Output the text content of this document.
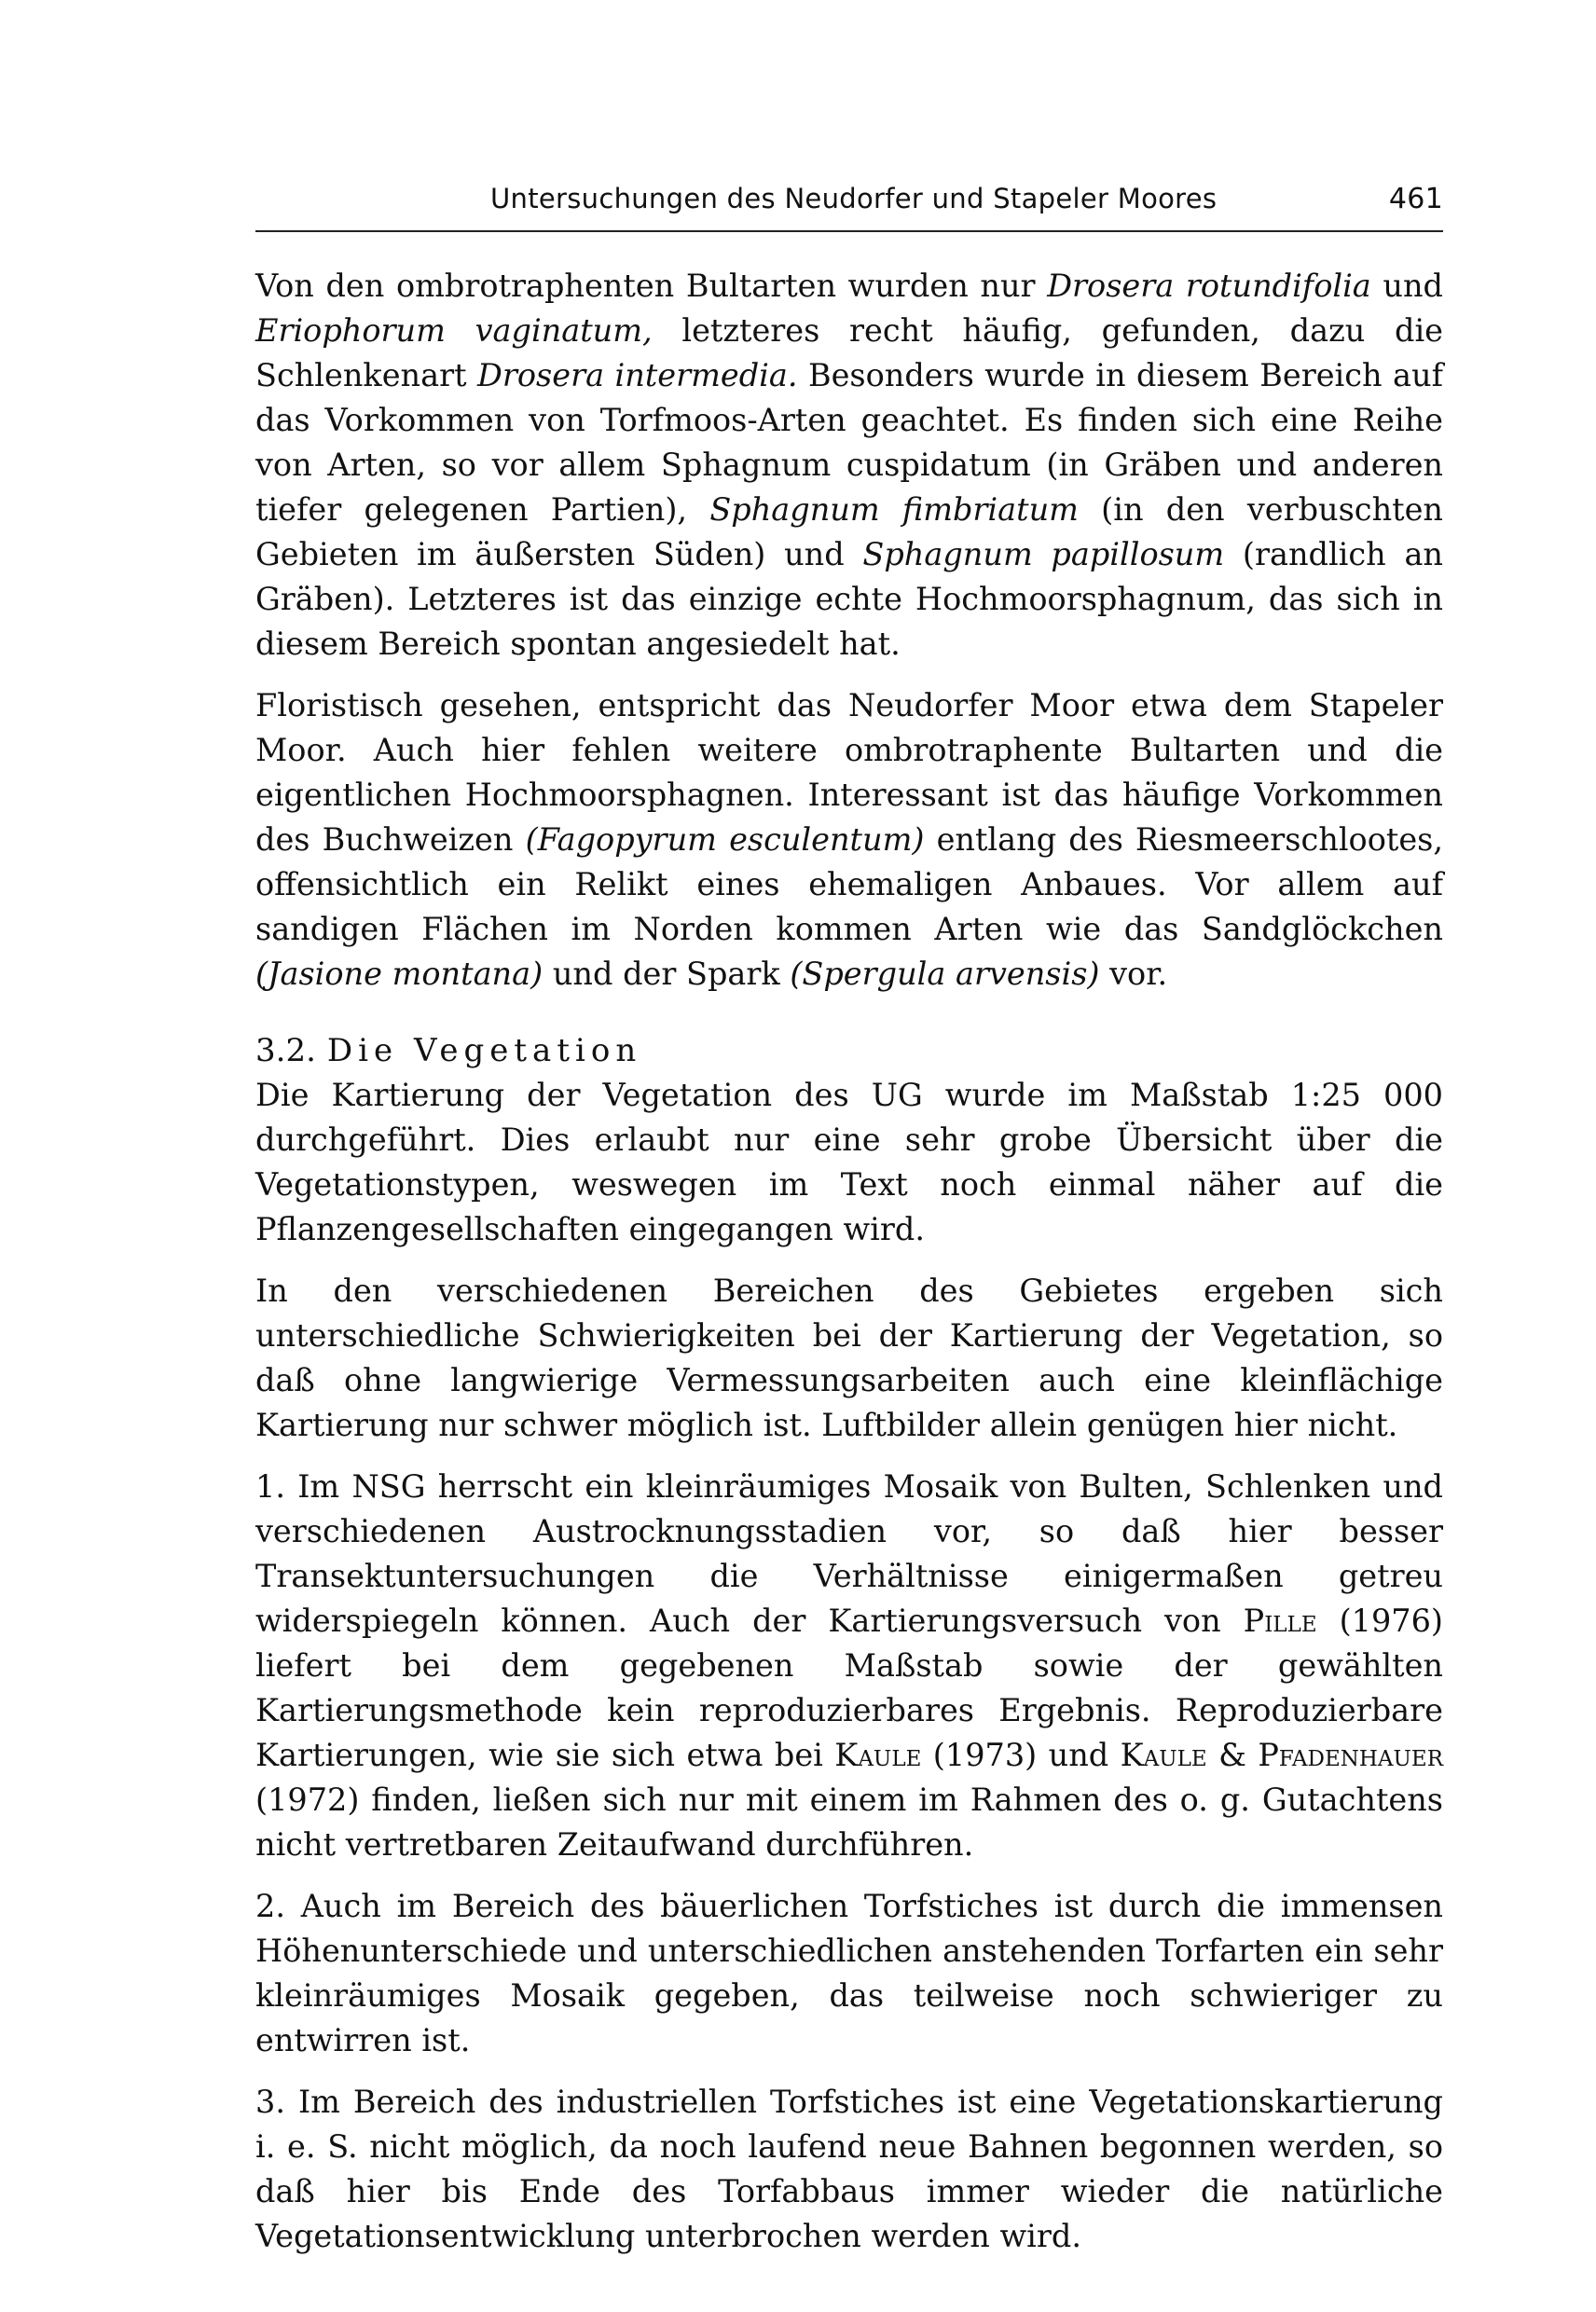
Untersuchungen des Neudorfer und Stapeler Moores	461

Von den ombrotraphenten Bultarten wurden nur Drosera rotundifolia und Eriophorum vaginatum, letzteres recht häufig, gefunden, dazu die Schlenkenart Drosera intermedia. Besonders wurde in diesem Bereich auf das Vorkommen von Torfmoos-Arten geachtet. Es finden sich eine Reihe von Arten, so vor allem Sphagnum cuspidatum (in Gräben und anderen tiefer gelegenen Partien), Sphagnum fimbriatum (in den verbuschten Gebieten im äußersten Süden) und Sphagnum papillosum (randlich an Gräben). Letzteres ist das einzige echte Hochmoorsphagnum, das sich in diesem Bereich spontan angesiedelt hat.

Floristisch gesehen, entspricht das Neudorfer Moor etwa dem Stapeler Moor. Auch hier fehlen weitere ombrotraphente Bultarten und die eigentlichen Hochmoorsphagnen. Interessant ist das häufige Vorkommen des Buchweizen (Fagopyrum esculentum) entlang des Riesmeerschlootes, offensichtlich ein Relikt eines ehemaligen Anbaues. Vor allem auf sandigen Flächen im Norden kommen Arten wie das Sandglöckchen (Jasione montana) und der Spark (Spergula arvensis) vor.

3.2. Die Vegetation

Die Kartierung der Vegetation des UG wurde im Maßstab 1:25 000 durchgeführt. Dies erlaubt nur eine sehr grobe Übersicht über die Vegetationstypen, weswegen im Text noch einmal näher auf die Pflanzengesellschaften eingegangen wird.

In den verschiedenen Bereichen des Gebietes ergeben sich unterschiedliche Schwierigkeiten bei der Kartierung der Vegetation, so daß ohne langwierige Vermessungsarbeiten auch eine kleinflächige Kartierung nur schwer möglich ist. Luftbilder allein genügen hier nicht.

1. Im NSG herrscht ein kleinräumiges Mosaik von Bulten, Schlenken und verschiedenen Austrocknungsstadien vor, so daß hier besser Transektuntersuchungen die Verhältnisse einigermaßen getreu widerspiegeln können. Auch der Kartierungsversuch von Pille (1976) liefert bei dem gegebenen Maßstab sowie der gewählten Kartierungsmethode kein reproduzierbares Ergebnis. Reproduzierbare Kartierungen, wie sie sich etwa bei Kaule (1973) und Kaule & Pfadenhauer (1972) finden, ließen sich nur mit einem im Rahmen des o. g. Gutachtens nicht vertretbaren Zeitaufwand durchführen.

2. Auch im Bereich des bäuerlichen Torfstiches ist durch die immensen Höhenunterschiede und unterschiedlichen anstehenden Torfarten ein sehr kleinräumiges Mosaik gegeben, das teilweise noch schwieriger zu entwirren ist.

3. Im Bereich des industriellen Torfstiches ist eine Vegetationskartierung i. e. S. nicht möglich, da noch laufend neue Bahnen begonnen werden, so daß hier bis Ende des Torfabbaus immer wieder die natürliche Vegetationsentwicklung unterbrochen werden wird.
